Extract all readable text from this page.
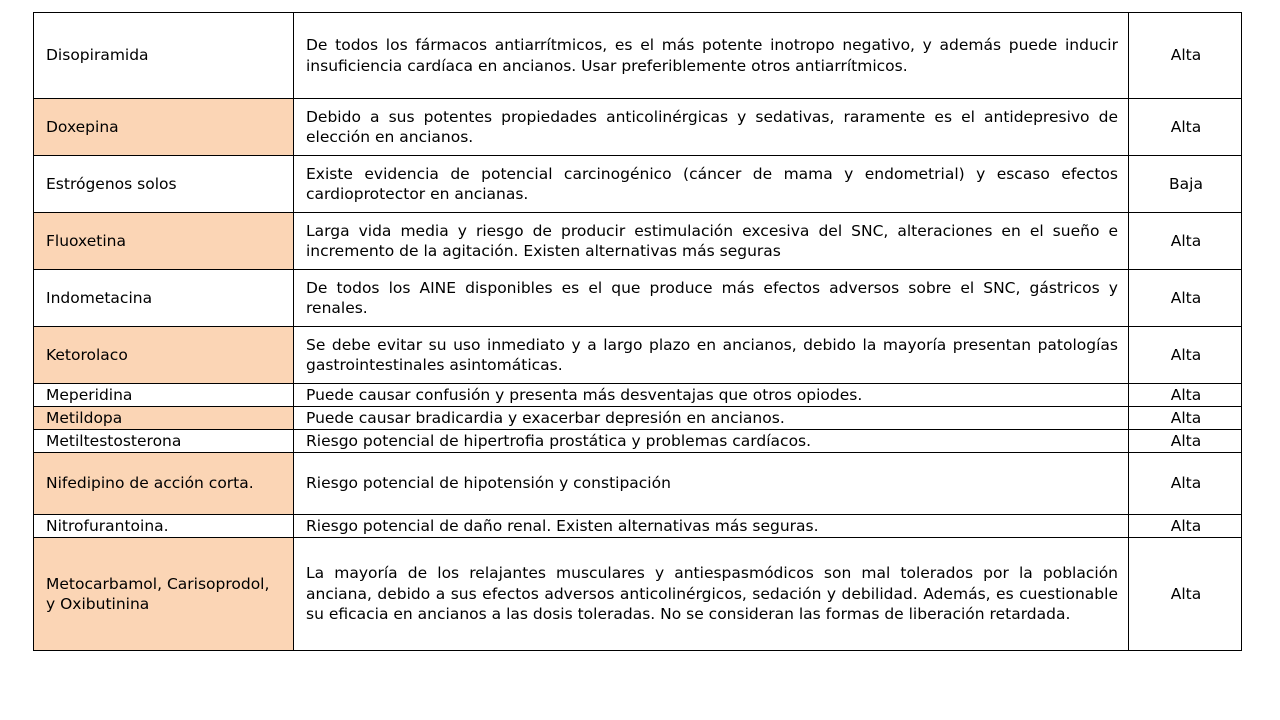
Disopiramida	De todos los fármacos antiarrítmicos, es el más potente inotropo negativo, y además puede inducir insuficiencia cardíaca en ancianos. Usar preferiblemente otros antiarrítmicos.	Alta
Doxepina	Debido a sus potentes propiedades anticolinérgicas y sedativas, raramente es el antidepresivo de elección en ancianos.	Alta
Estrógenos solos	Existe evidencia de potencial carcinogénico (cáncer de mama y endometrial) y escaso efectos cardioprotector en ancianas.	Baja
Fluoxetina	Larga vida media y riesgo de producir estimulación excesiva del SNC, alteraciones en el sueño e incremento de la agitación. Existen alternativas más seguras	Alta
Indometacina	De todos los AINE disponibles es el que produce más efectos adversos sobre el SNC, gástricos y renales.	Alta
Ketorolaco	Se debe evitar su uso inmediato y a largo plazo en ancianos, debido la mayoría presentan patologías gastrointestinales asintomáticas.	Alta
Meperidina	Puede causar confusión y presenta más desventajas que otros opiodes.	Alta
Metildopa	Puede causar bradicardia y exacerbar depresión en ancianos.	Alta
Metiltestosterona	Riesgo potencial de hipertrofia prostática y problemas cardíacos.	Alta
Nifedipino de acción corta.	Riesgo potencial de hipotensión y constipación	Alta
Nitrofurantoina.	Riesgo potencial de daño renal. Existen alternativas más seguras.	Alta
Metocarbamol, Carisoprodol, y Oxibutinina	La mayoría de los relajantes musculares y antiespasmódicos son mal tolerados por la población anciana, debido a sus efectos adversos anticolinérgicos, sedación y debilidad. Además, es cuestionable su eficacia en ancianos a las dosis toleradas. No se consideran las formas de liberación retardada.	Alta
